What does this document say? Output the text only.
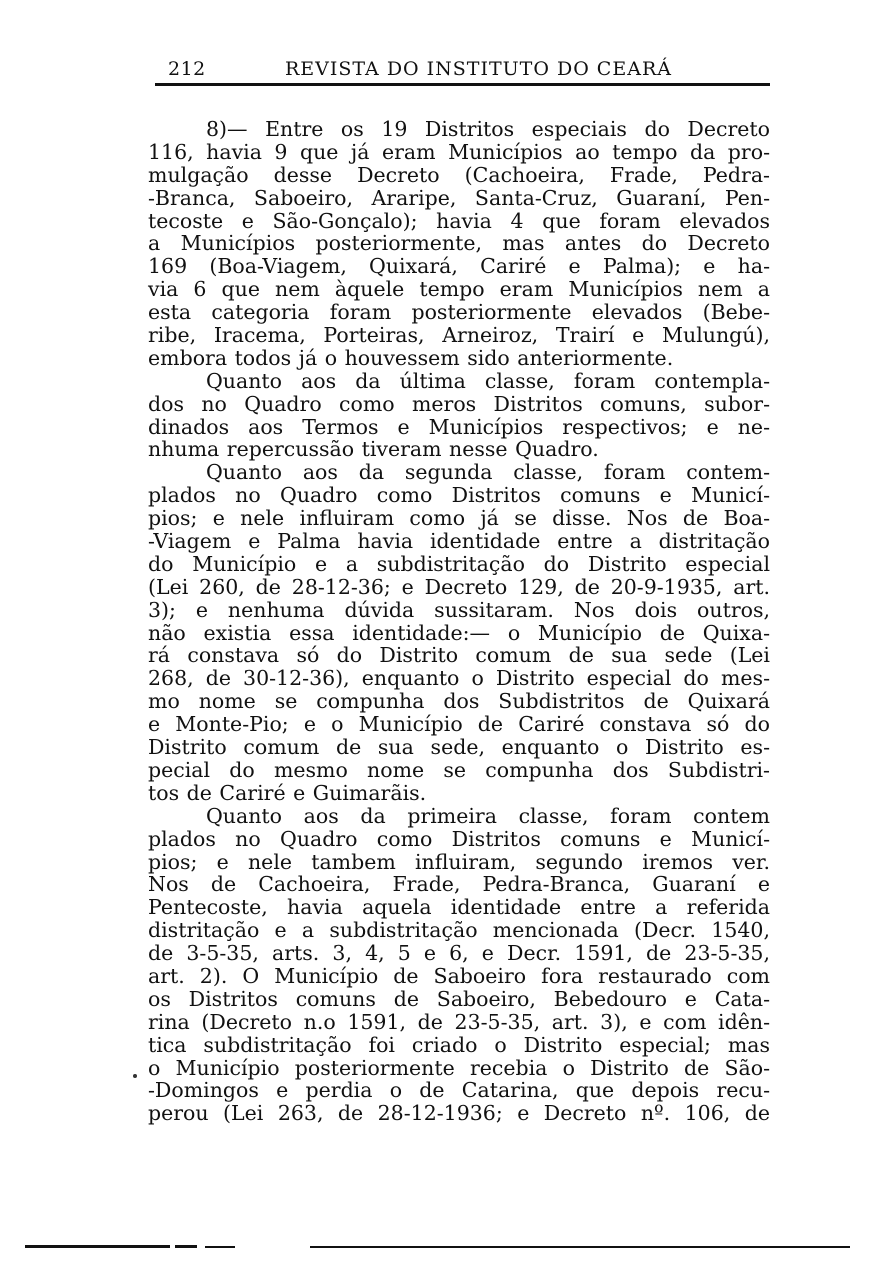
212	REVISTA DO INSTITUTO DO CEARÁ
8)— Entre os 19 Distritos especiais do Decreto
116, havia 9 que já eram Municípios ao tempo da pro-
mulgação desse Decreto (Cachoeira, Frade, Pedra-
-Branca, Saboeiro, Araripe, Santa-Cruz, Guaraní, Pen-
tecoste e São-Gonçalo); havia 4 que foram elevados
a Municípios posteriormente, mas antes do Decreto
169 (Boa-Viagem, Quixará, Cariré e Palma); e ha-
via 6 que nem àquele tempo eram Municípios nem a
esta categoria foram posteriormente elevados (Bebe-
ribe, Iracema, Porteiras, Arneiroz, Trairí e Mulungú),
embora todos já o houvessem sido anteriormente.
Quanto aos da última classe, foram contempla-
dos no Quadro como meros Distritos comuns, subor-
dinados aos Termos e Municípios respectivos; e ne-
nhuma repercussão tiveram nesse Quadro.
Quanto aos da segunda classe, foram contem-
plados no Quadro como Distritos comuns e Municí-
pios; e nele influiram como já se disse. Nos de Boa-
-Viagem e Palma havia identidade entre a distritação
do Município e a subdistritação do Distrito especial
(Lei 260, de 28-12-36; e Decreto 129, de 20-9-1935, art.
3); e nenhuma dúvida sussitaram. Nos dois outros,
não existia essa identidade:— o Município de Quixa-
rá constava só do Distrito comum de sua sede (Lei
268, de 30-12-36), enquanto o Distrito especial do mes-
mo nome se compunha dos Subdistritos de Quixará
e Monte-Pio; e o Município de Cariré constava só do
Distrito comum de sua sede, enquanto o Distrito es-
pecial do mesmo nome se compunha dos Subdistri-
tos de Cariré e Guimarãis.
Quanto aos da primeira classe, foram contem
plados no Quadro como Distritos comuns e Municí-
pios; e nele tambem influiram, segundo iremos ver.
Nos de Cachoeira, Frade, Pedra-Branca, Guaraní e
Pentecoste, havia aquela identidade entre a referida
distritação e a subdistritação mencionada (Decr. 1540,
de 3-5-35, arts. 3, 4, 5 e 6, e Decr. 1591, de 23-5-35,
art. 2). O Município de Saboeiro fora restaurado com
os Distritos comuns de Saboeiro, Bebedouro e Cata-
rina (Decreto n.o 1591, de 23-5-35, art. 3), e com idên-
tica subdistritação foi criado o Distrito especial; mas
o Município posteriormente recebia o Distrito de São-
-Domingos e perdia o de Catarina, que depois recu-
perou (Lei 263, de 28-12-1936; e Decreto nº. 106, de
